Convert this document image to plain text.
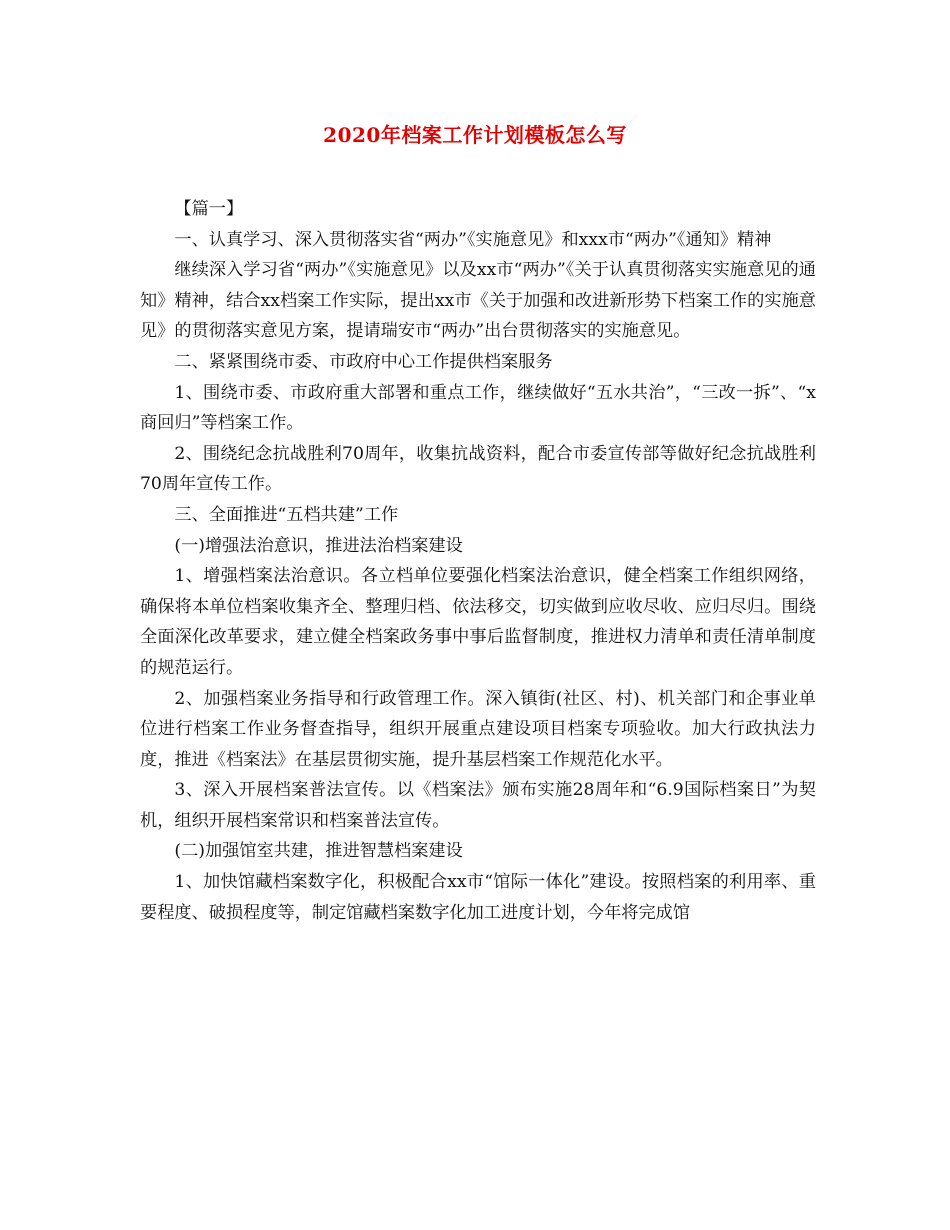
2020年档案工作计划模板怎么写

【篇一】

一、认真学习、深入贯彻落实省“两办”《实施意见》和xxx市“两办”《通知》精神

继续深入学习省“两办”《实施意见》以及xx市“两办”《关于认真贯彻落实实施意见的通知》精神，结合xx档案工作实际，提出xx市《关于加强和改进新形势下档案工作的实施意见》的贯彻落实意见方案，提请瑞安市“两办”出台贯彻落实的实施意见。

二、紧紧围绕市委、市政府中心工作提供档案服务

1、围绕市委、市政府重大部署和重点工作，继续做好“五水共治”，“三改一拆”、“x商回归”等档案工作。

2、围绕纪念抗战胜利70周年，收集抗战资料，配合市委宣传部等做好纪念抗战胜利70周年宣传工作。

三、全面推进“五档共建”工作

(一)增强法治意识，推进法治档案建设

1、增强档案法治意识。各立档单位要强化档案法治意识，健全档案工作组织网络，确保将本单位档案收集齐全、整理归档、依法移交，切实做到应收尽收、应归尽归。围绕全面深化改革要求，建立健全档案政务事中事后监督制度，推进权力清单和责任清单制度的规范运行。

2、加强档案业务指导和行政管理工作。深入镇街(社区、村)、机关部门和企事业单位进行档案工作业务督查指导，组织开展重点建设项目档案专项验收。加大行政执法力度，推进《档案法》在基层贯彻实施，提升基层档案工作规范化水平。

3、深入开展档案普法宣传。以《档案法》颁布实施28周年和“6.9国际档案日”为契机，组织开展档案常识和档案普法宣传。

(二)加强馆室共建，推进智慧档案建设

1、加快馆藏档案数字化，积极配合xx市“馆际一体化”建设。按照档案的利用率、重要程度、破损程度等，制定馆藏档案数字化加工进度计划，今年将完成馆
